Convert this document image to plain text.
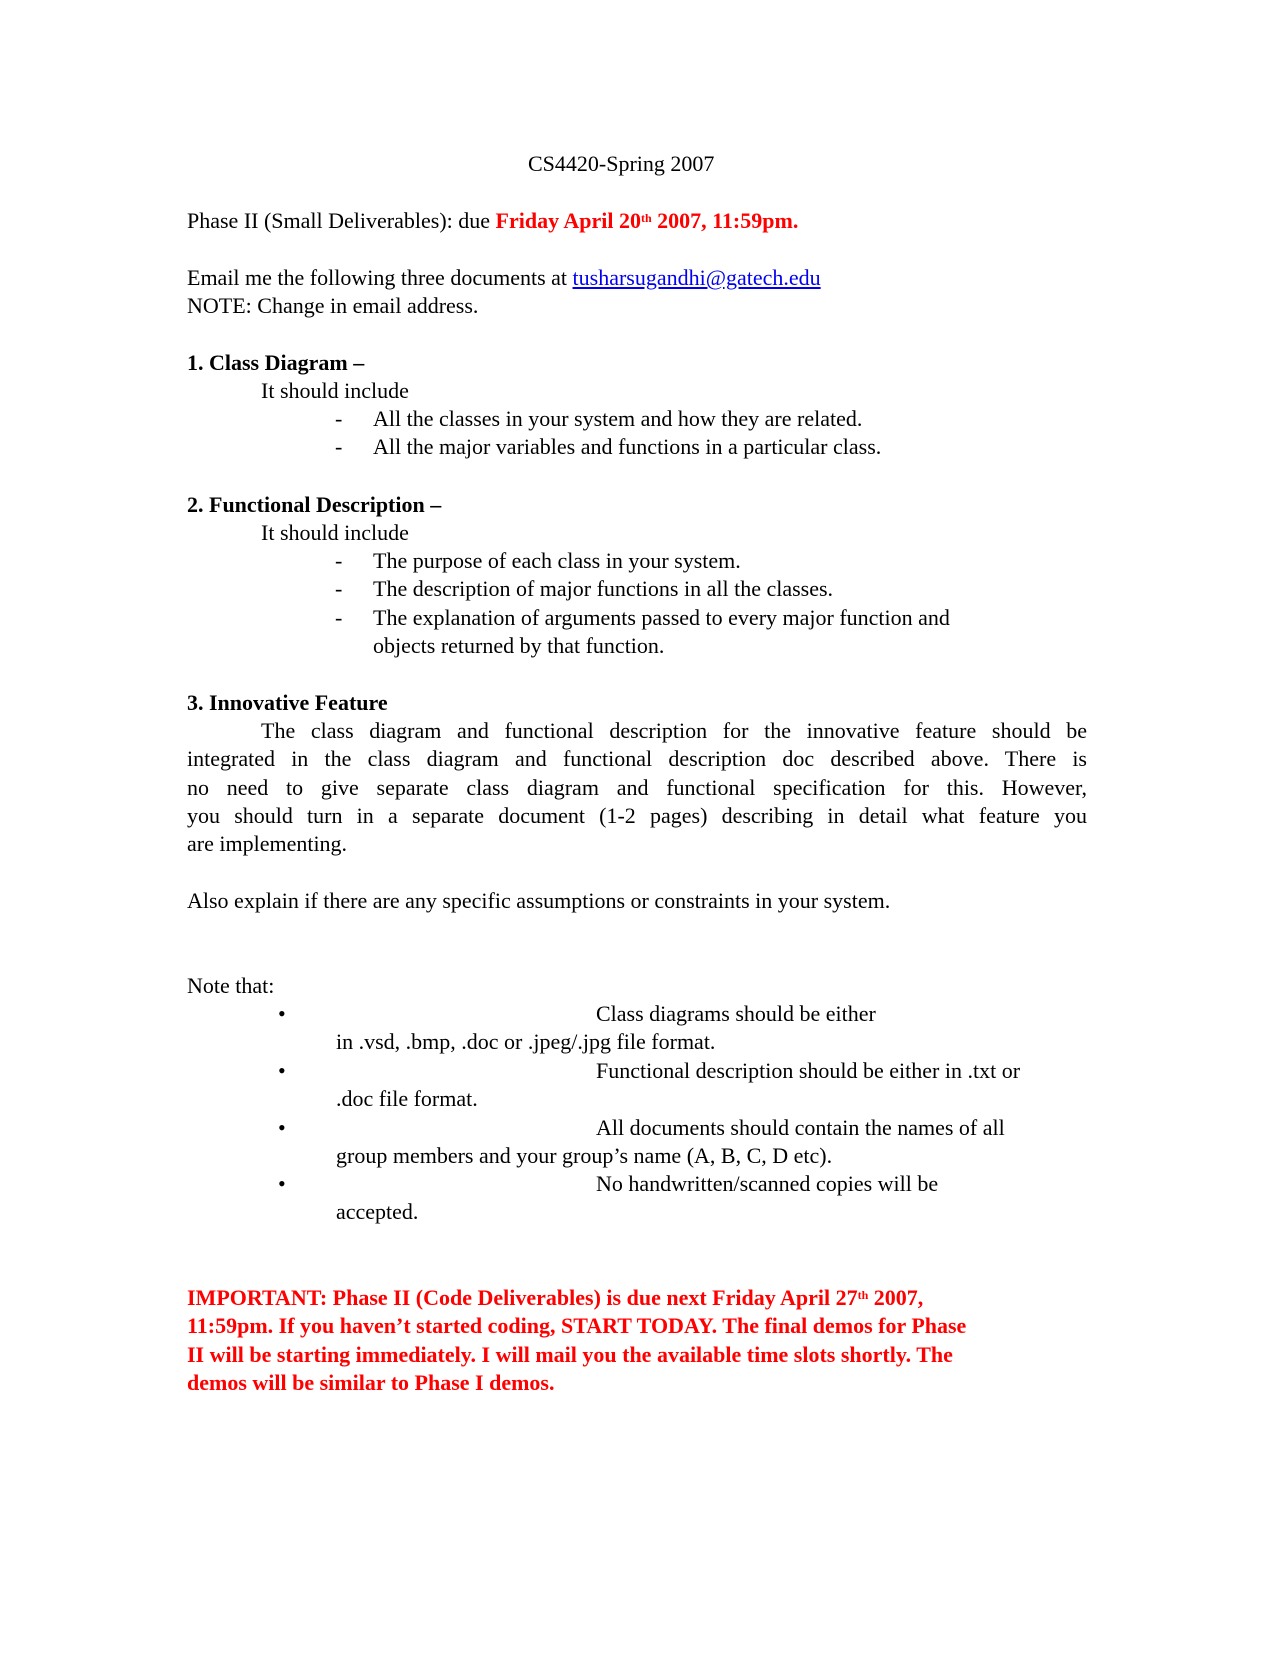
CS4420-Spring 2007

Phase II (Small Deliverables): due Friday April 20th 2007, 11:59pm.

Email me the following three documents at tusharsugandhi@gatech.edu

NOTE: Change in email address.

1. Class Diagram –

It should include

- All the classes in your system and how they are related.

- All the major variables and functions in a particular class.

2. Functional Description –

It should include

- The purpose of each class in your system.

- The description of major functions in all the classes.

- The explanation of arguments passed to every major function and

objects returned by that function.

3. Innovative Feature

The class diagram and functional description for the innovative feature should be

integrated in the class diagram and functional description doc described above. There is

no need to give separate class diagram and functional specification for this. However,

you should turn in a separate document (1-2 pages) describing in detail what feature you

are implementing.

Also explain if there are any specific assumptions or constraints in your system.

Note that:

•	Class diagrams should be either

in .vsd, .bmp, .doc or .jpeg/.jpg file format.

•	Functional description should be either in .txt or

.doc file format.

•	All documents should contain the names of all

group members and your group’s name (A, B, C, D etc).

•	No handwritten/scanned copies will be

accepted.

IMPORTANT: Phase II (Code Deliverables) is due next Friday April 27th 2007,

11:59pm. If you haven’t started coding, START TODAY. The final demos for Phase

II will be starting immediately. I will mail you the available time slots shortly. The

demos will be similar to Phase I demos.
